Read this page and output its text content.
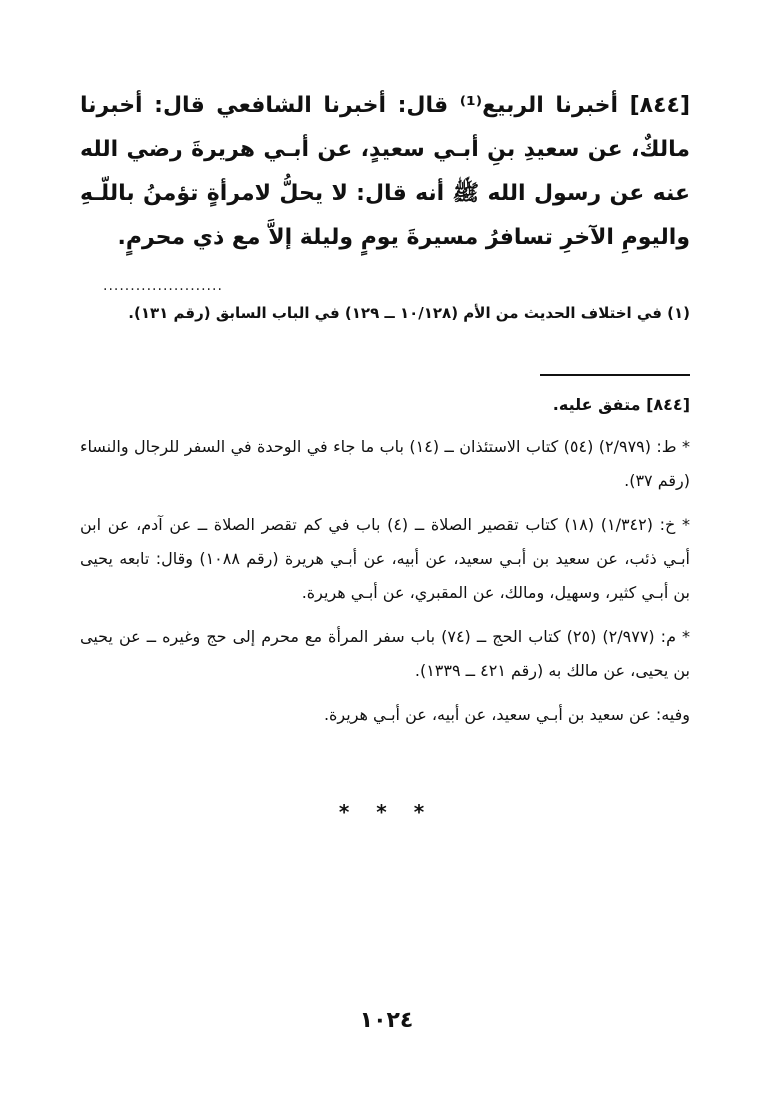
[٨٤٤] أخبرنا الربيع⁽¹⁾ قال: أخبرنا الشافعي قال: أخبرنا مالكٌ، عن سعيدِ بنِ أبـي سعيدٍ، عن أبـي هريرةَ رضي الله عنه عن رسول الله ﷺ أنه قال: لا يحلُّ لامرأةٍ تؤمنُ باللّـهِ واليومِ الآخرِ تسافرُ مسيرةَ يومٍ وليلة إلاَّ مع ذي محرمٍ.
......................
(١) في اختلاف الحديث من الأم (١٠/١٢٨ ــ ١٢٩) في الباب السابق (رقم ١٣١).

[٨٤٤] متفق عليه.

* ط: (٢/٩٧٩) (٥٤) كتاب الاستئذان ــ (١٤) باب ما جاء في الوحدة في السفر للرجال والنساء (رقم ٣٧).

* خ: (١/٣٤٢) (١٨) كتاب تقصير الصلاة ــ (٤) باب في كم تقصر الصلاة ــ عن آدم، عن ابن أبـي ذئب، عن سعيد بن أبـي سعيد، عن أبيه، عن أبـي هريرة (رقم ١٠٨٨) وقال: تابعه يحيى بن أبـي كثير، وسهيل، ومالك، عن المقبري، عن أبـي هريرة.

* م: (٢/٩٧٧) (٢٥) كتاب الحج ــ (٧٤) باب سفر المرأة مع محرم إلى حج وغيره ــ عن يحيى بن يحيى، عن مالك به (رقم ٤٢١ ــ ١٣٣٩).

وفيه: عن سعيد بن أبـي سعيد، عن أبيه، عن أبـي هريرة.

* * *
١٠٢٤
